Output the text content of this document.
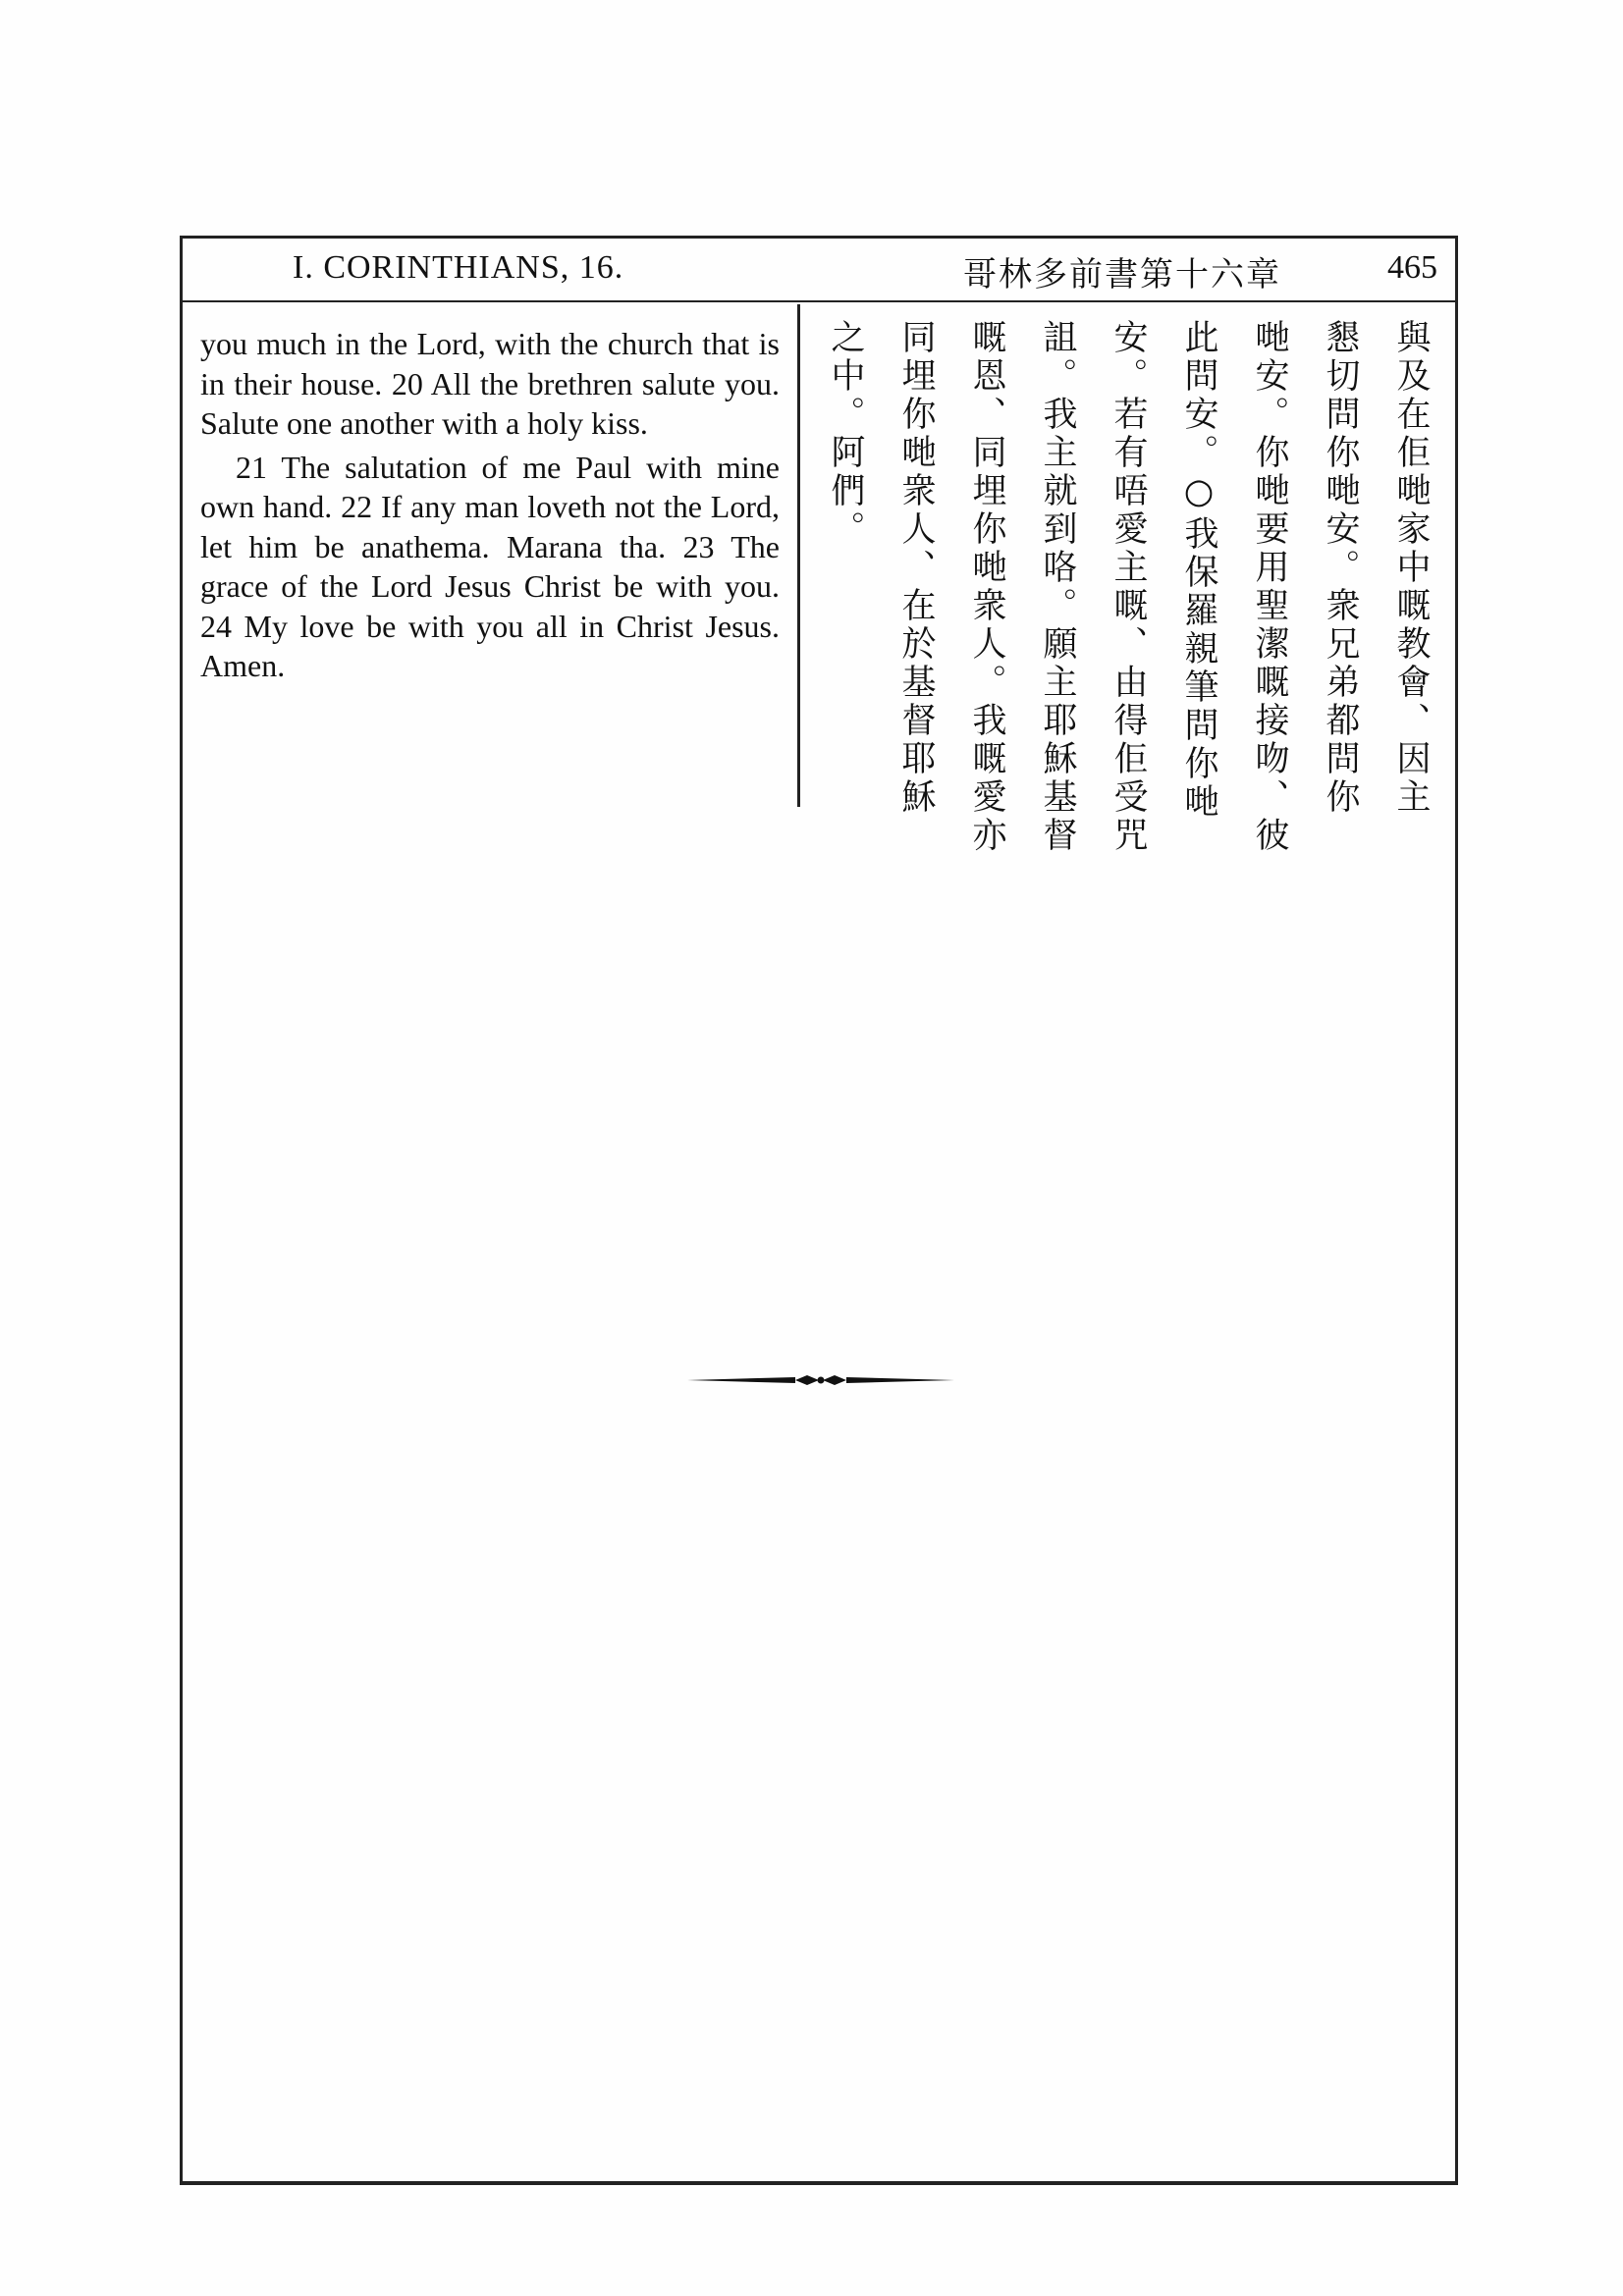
I. CORINTHIANS, 16.	哥林多前書第十六章	465

you much in the Lord, with the church that is in their house. 20 All the brethren salute you. Salute one another with a holy kiss.

21 The salutation of me Paul with mine own hand. 22 If any man loveth not the Lord, let him be anathema. Marana tha. 23 The grace of the Lord Jesus Christ be with you. 24 My love be with you all in Christ Jesus. Amen.	與及在佢哋家中嘅教會、因主
懇切問你哋安。衆兄弟都問你
哋安。你哋要用聖潔嘅接吻、彼
此問安。○我保羅親筆問你哋
安。若有唔愛主嘅、由得佢受咒
詛。我主就到咯。願主耶穌基督
嘅恩、同埋你哋衆人。我嘅愛亦
同埋你哋衆人、在於基督耶穌
之中。阿們。
